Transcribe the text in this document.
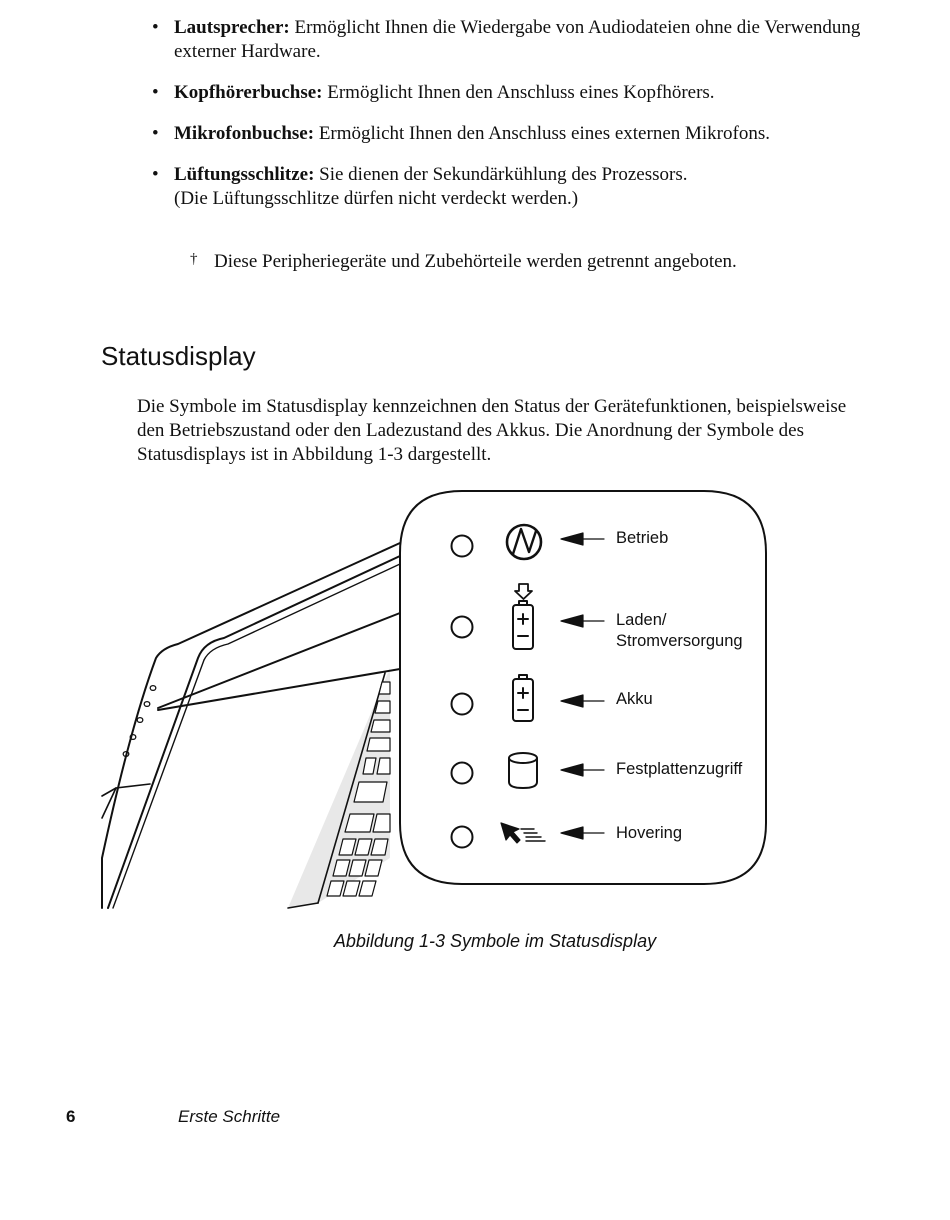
• Lautsprecher: Ermöglicht Ihnen die Wiedergabe von Audiodateien ohne die Verwendung externer Hardware.
• Kopfhörerbuchse: Ermöglicht Ihnen den Anschluss eines Kopfhörers.
• Mikrofonbuchse: Ermöglicht Ihnen den Anschluss eines externen Mikrofons.
• Lüftungsschlitze: Sie dienen der Sekundärkühlung des Prozessors.
(Die Lüftungsschlitze dürfen nicht verdeckt werden.)
† Diese Peripheriegeräte und Zubehörteile werden getrennt angeboten.
Statusdisplay

Die Symbole im Statusdisplay kennzeichnen den Status der Gerätefunktionen, beispielsweise den Betriebszustand oder den Ladezustand des Akkus. Die Anordnung der Symbole des Statusdisplays ist in Abbildung 1-3 dargestellt.

Betrieb
Laden/
Stromversorgung
Akku
Festplattenzugriff
Hovering

Abbildung 1-3 Symbole im Statusdisplay

6	Erste Schritte
